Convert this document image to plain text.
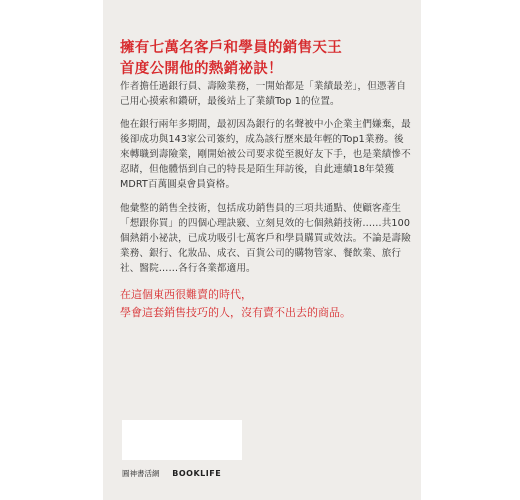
擁有七萬名客戶和學員的銷售天王
首度公開他的熱銷祕訣！

作者擔任過銀行員、壽險業務，一開始都是「業績最差」，但憑著自己用心摸索和鑽研，最後站上了業績Top 1的位置。

他在銀行兩年多期間，最初因為銀行的名聲被中小企業主們嫌棄，最後卻成功與143家公司簽約，成為該行歷來最年輕的Top1業務。後來轉職到壽險業，剛開始被公司要求從至親好友下手，也是業績慘不忍睹，但他體悟到自己的特長是陌生拜訪後，自此連續18年榮獲MDRT百萬圓桌會員資格。

他彙整的銷售全技術，包括成功銷售員的三項共通點、使顧客產生「想跟你買」的四個心理訣竅、立刻見效的七個熱銷技術……共100個熱銷小祕訣，已成功吸引七萬客戶和學員購買或效法。不論是壽險業務、銀行、化妝品、成衣、百貨公司的購物管家、餐飲業、旅行社、醫院……各行各業都適用。

在這個東西很難賣的時代，
學會這套銷售技巧的人，沒有賣不出去的商品。
圓神書活網 BOOKLIFE
